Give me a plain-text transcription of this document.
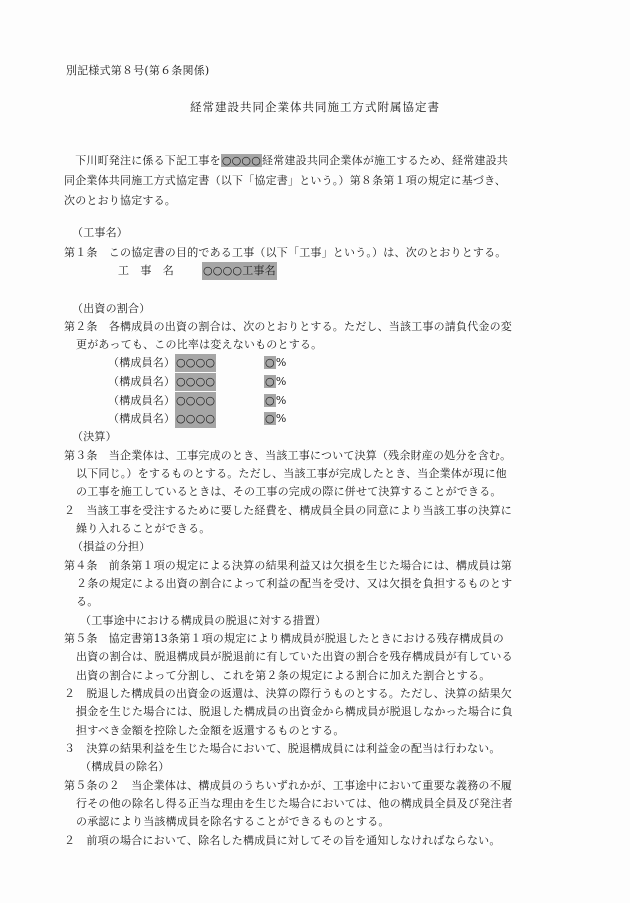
別記様式第８号(第６条関係)
経常建設共同企業体共同施工方式附属協定書
　下川町発注に係る下記工事を○○○○経常建設共同企業体が施工するため、経常建設共
同企業体共同施工方式協定書（以下「協定書」という。）第８条第１項の規定に基づき、
次のとおり協定する。
（工事名）
第１条　この協定書の目的である工事（以下「工事」という。）は、次のとおりとする。
工　事　名	○○○○工事名
（出資の割合）
第２条　各構成員の出資の割合は、次のとおりとする。ただし、当該工事の請負代金の変
更があっても、この比率は変えないものとする。
（構成員名） ○○○○	○%
（構成員名） ○○○○	○%
（構成員名） ○○○○	○%
（構成員名） ○○○○	○%
（決算）
第３条　当企業体は、工事完成のとき、当該工事について決算（残余財産の処分を含む。
以下同じ。）をするものとする。ただし、当該工事が完成したとき、当企業体が現に他
の工事を施工しているときは、その工事の完成の際に併せて決算することができる。
２　当該工事を受注するために要した経費を、構成員全員の同意により当該工事の決算に
繰り入れることができる。
（損益の分担）
第４条　前条第１項の規定による決算の結果利益又は欠損を生じた場合には、構成員は第
２条の規定による出資の割合によって利益の配当を受け、又は欠損を負担するものとす
る。
（工事途中における構成員の脱退に対する措置）
第５条　協定書第13条第１項の規定により構成員が脱退したときにおける残存構成員の
出資の割合は、脱退構成員が脱退前に有していた出資の割合を残存構成員が有している
出資の割合によって分割し、これを第２条の規定による割合に加えた割合とする。
２　脱退した構成員の出資金の返還は、決算の際行うものとする。ただし、決算の結果欠
損金を生じた場合には、脱退した構成員の出資金から構成員が脱退しなかった場合に負
担すべき金額を控除した金額を返還するものとする。
３　決算の結果利益を生じた場合において、脱退構成員には利益金の配当は行わない。
（構成員の除名）
第５条の２　当企業体は、構成員のうちいずれかが、工事途中において重要な義務の不履
行その他の除名し得る正当な理由を生じた場合においては、他の構成員全員及び発注者
の承認により当該構成員を除名することができるものとする。
２　前項の場合において、除名した構成員に対してその旨を通知しなければならない。
